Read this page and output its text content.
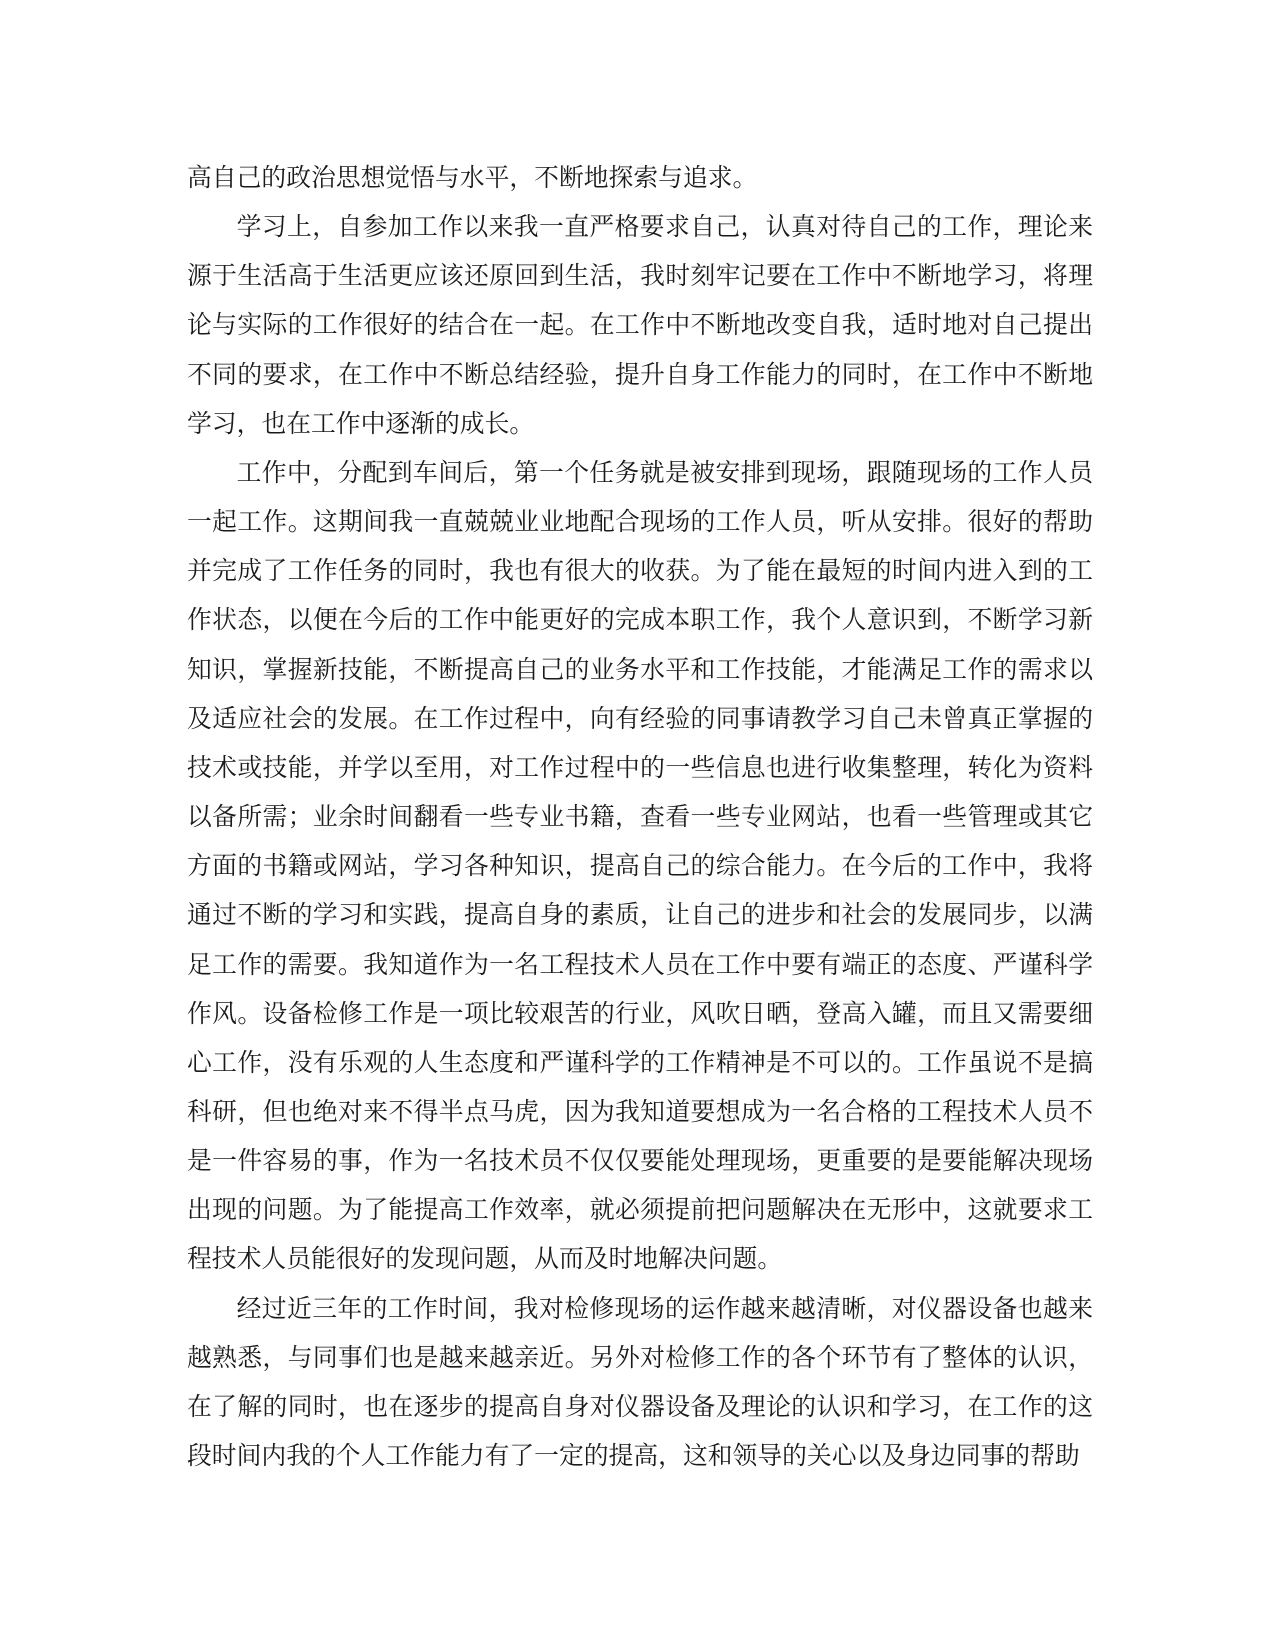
高自己的政治思想觉悟与水平，不断地探索与追求。

学习上，自参加工作以来我一直严格要求自己，认真对待自己的工作，理论来源于生活高于生活更应该还原回到生活，我时刻牢记要在工作中不断地学习，将理论与实际的工作很好的结合在一起。在工作中不断地改变自我，适时地对自己提出不同的要求，在工作中不断总结经验，提升自身工作能力的同时，在工作中不断地学习，也在工作中逐渐的成长。

工作中，分配到车间后，第一个任务就是被安排到现场，跟随现场的工作人员一起工作。这期间我一直兢兢业业地配合现场的工作人员，听从安排。很好的帮助并完成了工作任务的同时，我也有很大的收获。为了能在最短的时间内进入到的工作状态，以便在今后的工作中能更好的完成本职工作，我个人意识到，不断学习新知识，掌握新技能，不断提高自己的业务水平和工作技能，才能满足工作的需求以及适应社会的发展。在工作过程中，向有经验的同事请教学习自己未曾真正掌握的技术或技能，并学以至用，对工作过程中的一些信息也进行收集整理，转化为资料以备所需；业余时间翻看一些专业书籍，查看一些专业网站，也看一些管理或其它方面的书籍或网站，学习各种知识，提高自己的综合能力。在今后的工作中，我将通过不断的学习和实践，提高自身的素质，让自己的进步和社会的发展同步，以满足工作的需要。我知道作为一名工程技术人员在工作中要有端正的态度、严谨科学作风。设备检修工作是一项比较艰苦的行业，风吹日晒，登高入罐，而且又需要细心工作，没有乐观的人生态度和严谨科学的工作精神是不可以的。工作虽说不是搞科研，但也绝对来不得半点马虎，因为我知道要想成为一名合格的工程技术人员不是一件容易的事，作为一名技术员不仅仅要能处理现场，更重要的是要能解决现场出现的问题。为了能提高工作效率，就必须提前把问题解决在无形中，这就要求工程技术人员能很好的发现问题，从而及时地解决问题。

经过近三年的工作时间，我对检修现场的运作越来越清晰，对仪器设备也越来越熟悉，与同事们也是越来越亲近。另外对检修工作的各个环节有了整体的认识，在了解的同时，也在逐步的提高自身对仪器设备及理论的认识和学习，在工作的这段时间内我的个人工作能力有了一定的提高，这和领导的关心以及身边同事的帮助
